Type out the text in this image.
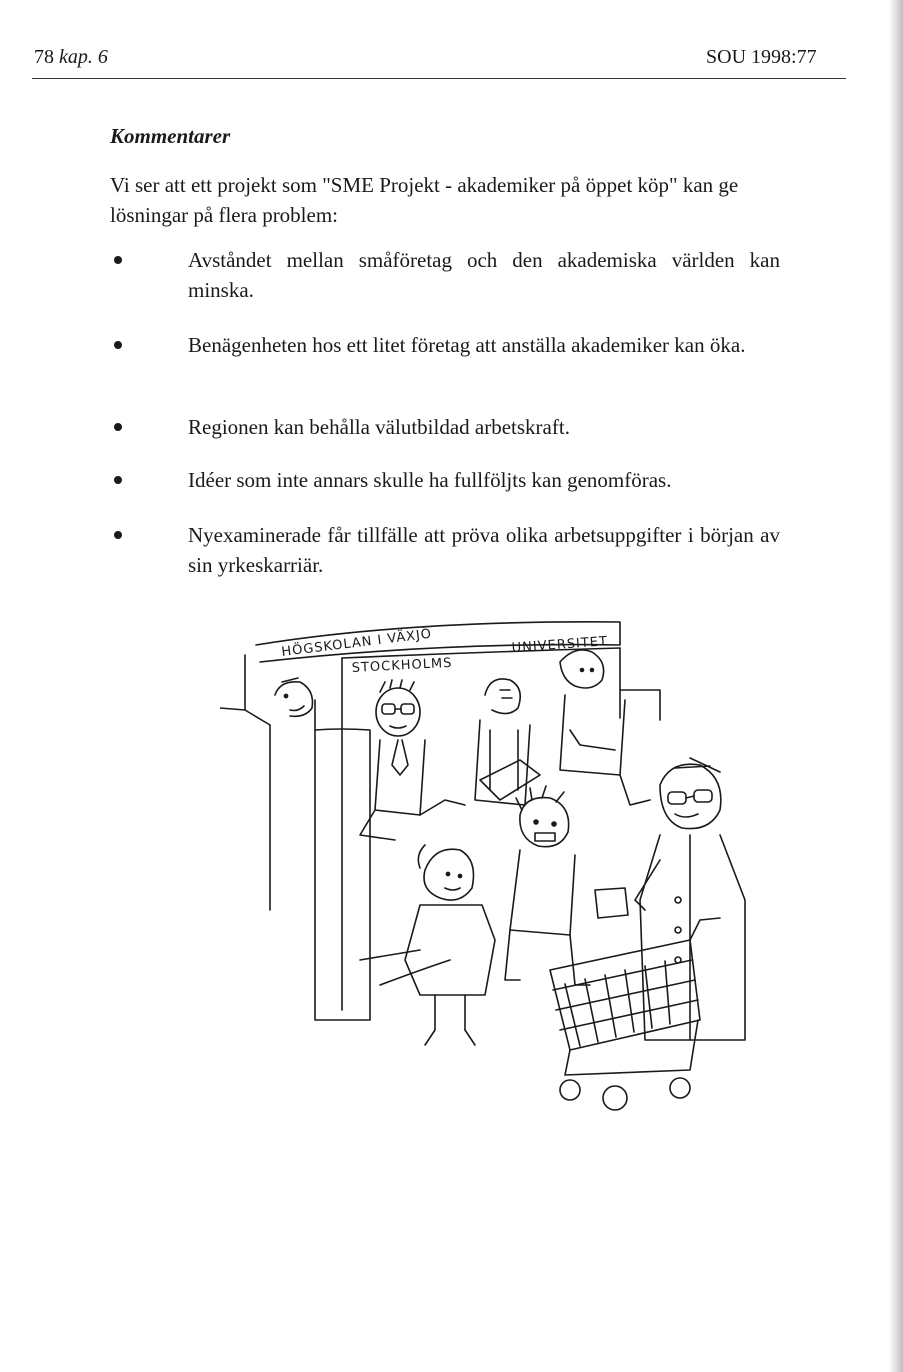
78 kap. 6	SOU 1998:77
Kommentarer
Vi ser att ett projekt som "SME Projekt - akademiker på öppet köp" kan ge lösningar på flera problem:
Avståndet mellan småföretag och den akademiska världen kan minska.
Benägenheten hos ett litet företag att anställa akademiker kan öka.
Regionen kan behålla välutbildad arbetskraft.
Idéer som inte annars skulle ha fullföljts kan genomföras.
Nyexaminerade får tillfälle att pröva olika arbetsuppgifter i början av sin yrkeskarriär.
HÖGSKOLAN I VÄXJÖ	UNIVERSITET
STOCKHOLMS
